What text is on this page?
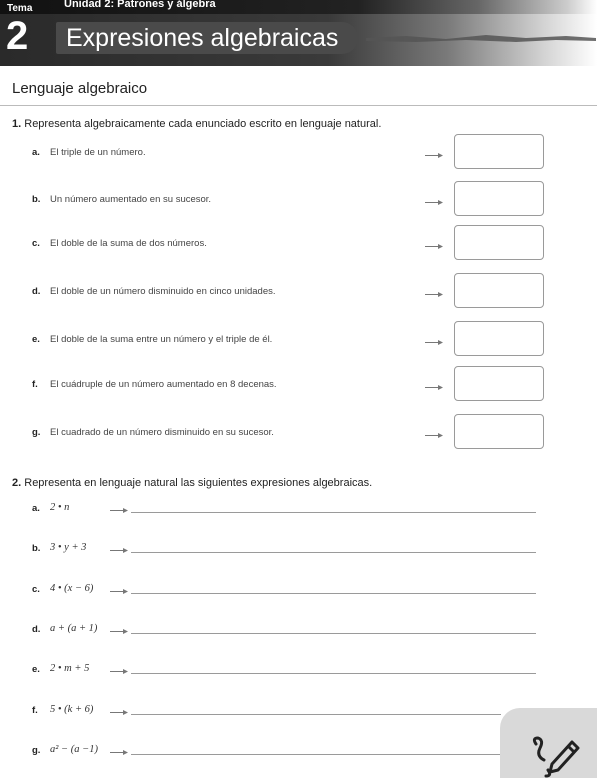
Tema	Unidad 2: Patrones y álgebra
2 Expresiones algebraicas
Lenguaje algebraico
1. Representa algebraicamente cada enunciado escrito en lenguaje natural.
a. El triple de un número.
b. Un número aumentado en su sucesor.
c. El doble de la suma de dos números.
d. El doble de un número disminuido en cinco unidades.
e. El doble de la suma entre un número y el triple de él.
f. El cuádruple de un número aumentado en 8 decenas.
g. El cuadrado de un número disminuido en su sucesor.
2. Representa en lenguaje natural las siguientes expresiones algebraicas.
a. 2 • n
b. 3 • y + 3
c. 4 • (x − 6)
d. a + (a + 1)
e. 2 • m + 5
f. 5 • (k + 6)
g. a² − (a −1)
